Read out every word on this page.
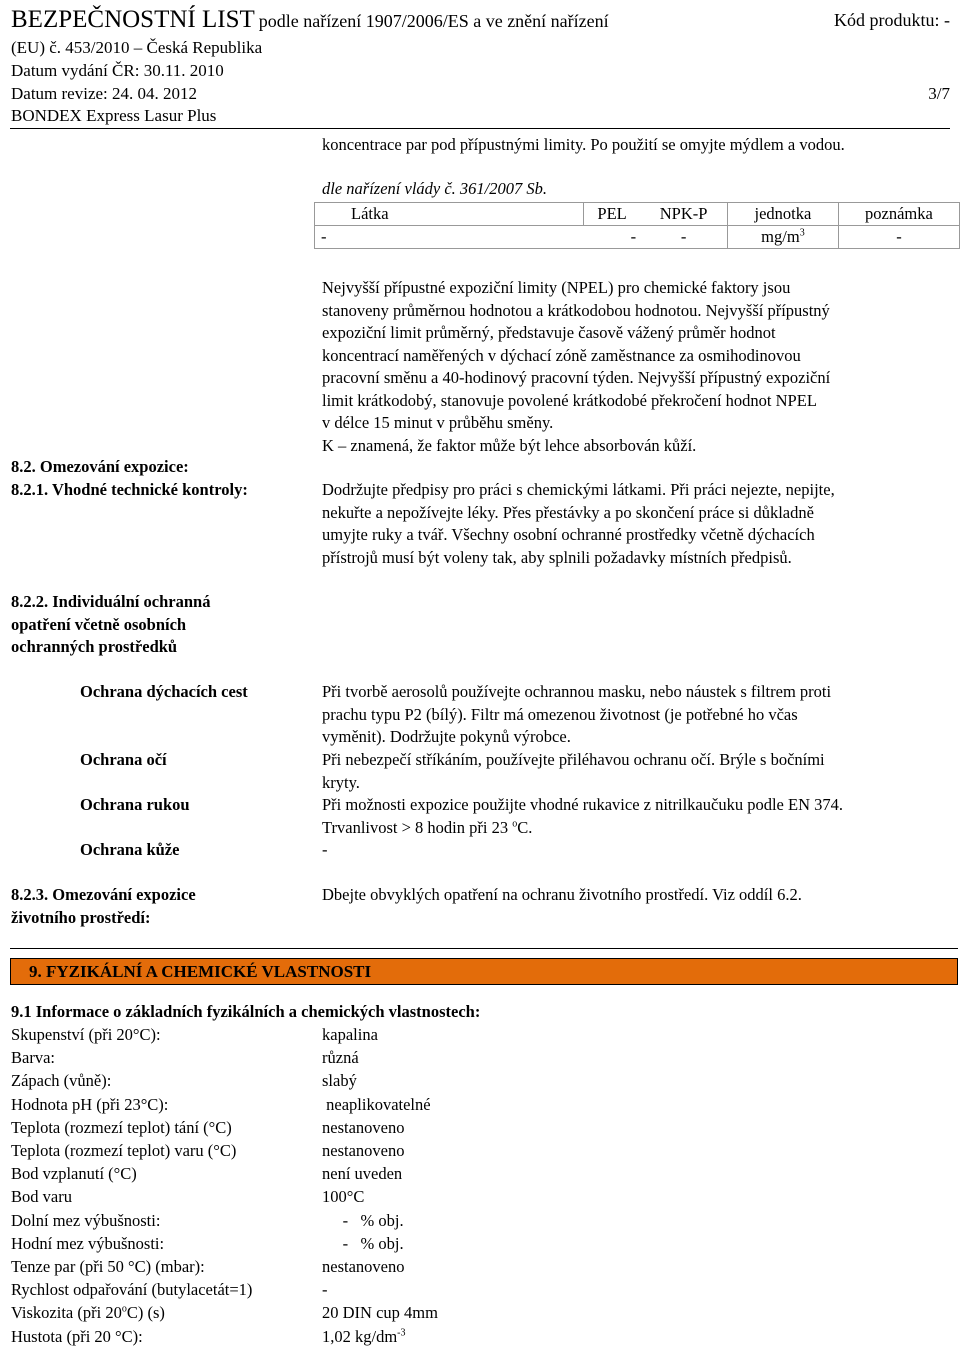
BEZPEČNOSTNÍ LIST podle nařízení 1907/2006/ES a ve znění nařízení	Kód produktu: -
(EU) č. 453/2010 – Česká Republika
Datum vydání ČR: 30.11. 2010
Datum revize: 24. 04. 2012	3/7
BONDEX Express Lasur Plus
koncentrace par pod přípustnými limity. Po použití se omyjte mýdlem a vodou.
dle nařízení vlády č. 361/2007 Sb.
Látka	PEL	NPK-P	jednotka	poznámka
-	-	-	$mg/m^3$	-
Nejvyšší přípustné expoziční limity (NPEL) pro chemické faktory jsou
stanoveny průměrnou hodnotou a krátkodobou hodnotou. Nejvyšší přípustný
expoziční limit průměrný, představuje časově vážený průměr hodnot
koncentrací naměřených v dýchací zóně zaměstnance za osmihodinovou
pracovní směnu a 40-hodinový pracovní týden. Nejvyšší přípustný expoziční
limit krátkodobý, stanovuje povolené krátkodobé překročení hodnot NPEL
v délce 15 minut v průběhu směny.
K – znamená, že faktor může být lehce absorbován kůží.
8.2. Omezování expozice:
8.2.1. Vhodné technické kontroly:	Dodržujte předpisy pro práci s chemickými látkami. Při práci nejezte, nepijte,
nekuřte a nepožívejte léky. Přes přestávky a po skončení práce si důkladně
umyjte ruky a tvář. Všechny osobní ochranné prostředky včetně dýchacích
přístrojů musí být voleny tak, aby splnili požadavky místních předpisů.
8.2.2. Individuální ochranná
opatření včetně osobních
ochranných prostředků
Ochrana dýchacích cest	Při tvorbě aerosolů používejte ochrannou masku, nebo náustek s filtrem proti
prachu typu P2 (bílý). Filtr má omezenou životnost (je potřebné ho včas
vyměnit). Dodržujte pokynů výrobce.
Ochrana očí	Při nebezpečí stříkáním, používejte přiléhavou ochranu očí. Brýle s bočními
kryty.
Ochrana rukou	Při možnosti expozice použijte vhodné rukavice z nitrilkaučuku podle EN 374.
Trvanlivost > 8 hodin při 23 $^o$C.
Ochrana kůže	-
8.2.3. Omezování expozice
životního prostředí:
Dbejte obvyklých opatření na ochranu životního prostředí. Viz oddíl 6.2.
9. FYZIKÁLNÍ A CHEMICKÉ VLASTNOSTI
9.1 Informace o základních fyzikálních a chemických vlastnostech:
Skupenství (při 20°C):	kapalina
Barva:	různá
Zápach (vůně):	slabý
Hodnota pH (při 23°C):	neaplikovatelné
Teplota (rozmezí teplot) tání (°C)	nestanoveno
Teplota (rozmezí teplot) varu (°C)	nestanoveno
Bod vzplanutí (°C)	není uveden
Bod varu	100°C
Dolní mez výbušnosti:	-   % obj.
Hodní mez výbušnosti:	-   % obj.
Tenze par (při 50 °C) (mbar):	nestanoveno
Rychlost odpařování (butylacetát=1)	-
Viskozita (při 20$^o$C) (s)	20 DIN cup 4mm
Hustota (při 20 °C):	1,02 $kg/dm^{-3}$
